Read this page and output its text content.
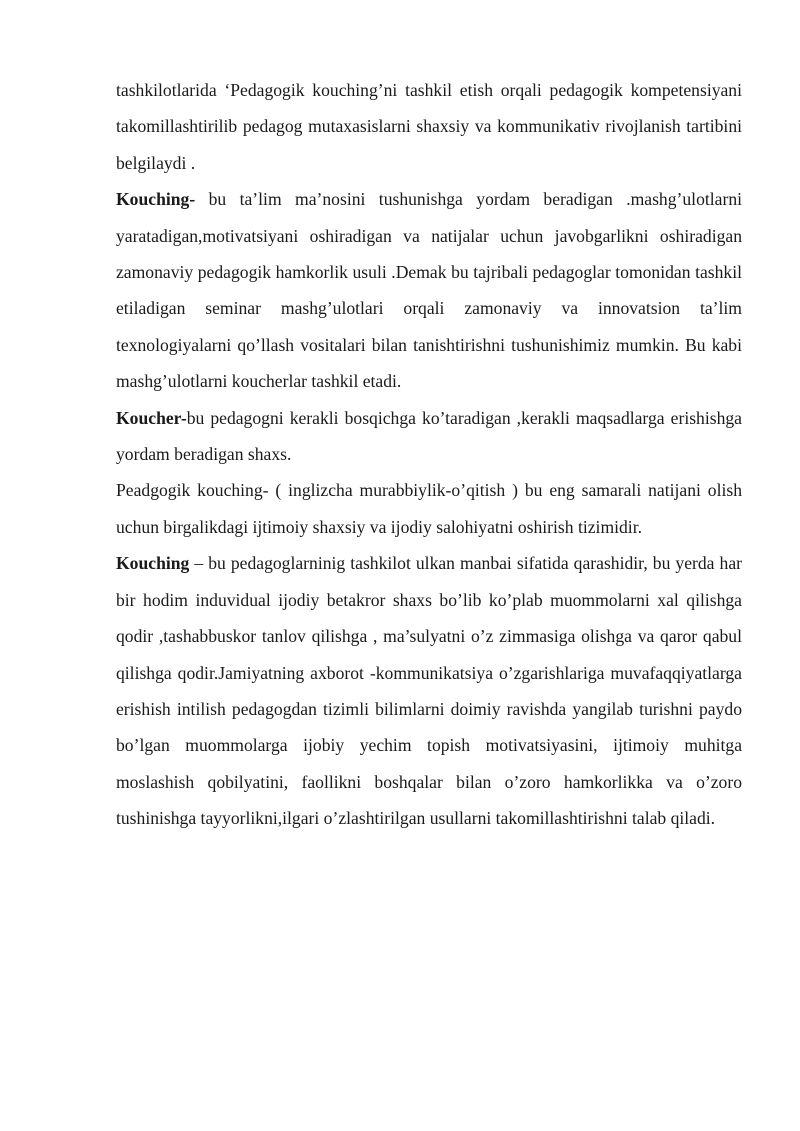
tashkilotlarida ‘Pedagogik kouching’ni tashkil etish orqali pedagogik kompetensiyani takomillashtirilib pedagog mutaxasislarni shaxsiy va kommunikativ rivojlanish tartibini belgilaydi .

Kouching- bu ta’lim ma’nosini tushunishga yordam beradigan .mashg’ulotlarni yaratadigan,motivatsiyani oshiradigan va natijalar uchun javobgarlikni oshiradigan zamonaviy pedagogik hamkorlik usuli .Demak bu tajribali pedagoglar tomonidan tashkil etiladigan seminar mashg’ulotlari orqali zamonaviy va innovatsion ta’lim texnologiyalarni qo’llash vositalari bilan tanishtirishni tushunishimiz mumkin. Bu kabi mashg’ulotlarni koucherlar tashkil etadi.

Koucher-bu pedagogni kerakli bosqichga ko’taradigan ,kerakli maqsadlarga erishishga yordam beradigan shaxs.

Peadgogik kouching- ( inglizcha murabbiylik-o’qitish ) bu eng samarali natijani olish uchun birgalikdagi ijtimoiy shaxsiy va ijodiy salohiyatni oshirish tizimidir.

Kouching – bu pedagoglarninig tashkilot ulkan manbai sifatida qarashidir, bu yerda har bir hodim induvidual ijodiy betakror shaxs bo’lib ko’plab muommolarni xal qilishga qodir ,tashabbuskor tanlov qilishga , ma’sulyatni o’z zimmasiga olishga va qaror qabul qilishga qodir.Jamiyatning axborot -kommunikatsiya o’zgarishlariga muvafaqqiyatlarga erishish intilish pedagogdan tizimli bilimlarni doimiy ravishda yangilab turishni paydo bo’lgan muommolarga ijobiy yechim topish motivatsiyasini, ijtimoiy muhitga moslashish qobilyatini, faollikni boshqalar bilan o’zoro hamkorlikka va o’zoro tushinishga tayyorlikni,ilgari o’zlashtirilgan usullarni takomillashtirishni talab qiladi.
